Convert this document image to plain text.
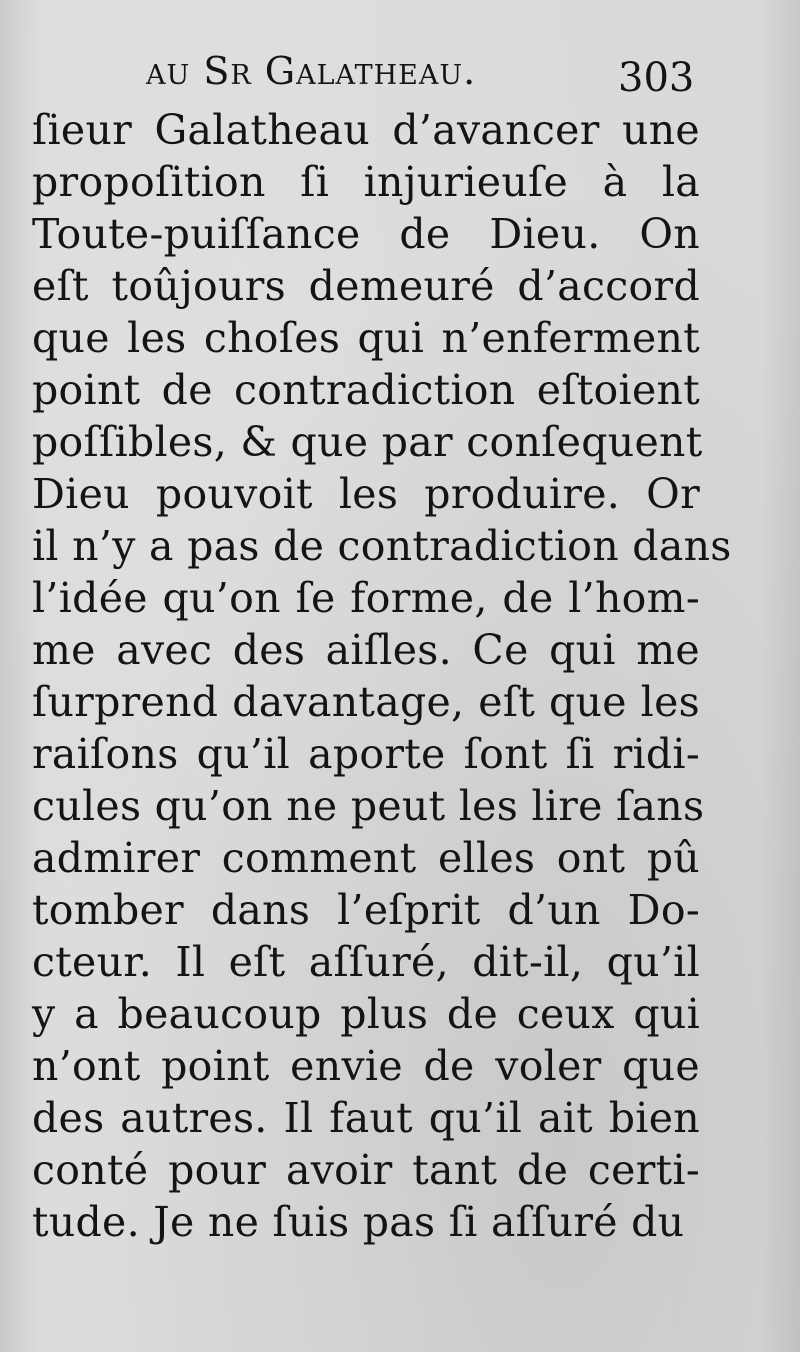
au Sr Galatheau.	303
ſieur Galatheau d’avancer une
propoſition ſi injurieuſe à la
Toute-puiſſance de Dieu. On
eſt toûjours demeuré d’accord
que les choſes qui n’enferment
point de contradiction eſtoient
poſſibles, & que par conſequent
Dieu pouvoit les produire. Or
il n’y a pas de contradiction dans
l’idée qu’on ſe forme, de l’hom-
me avec des aiſles. Ce qui me
ſurprend davantage, eſt que les
raiſons qu’il aporte ſont ſi ridi-
cules qu’on ne peut les lire ſans
admirer comment elles ont pû
tomber dans l’eſprit d’un Do-
cteur. Il eſt aſſuré, dit-il, qu’il
y a beaucoup plus de ceux qui
n’ont point envie de voler que
des autres. Il faut qu’il ait bien
conté pour avoir tant de certi-
tude. Je ne ſuis pas ſi aſſuré du
